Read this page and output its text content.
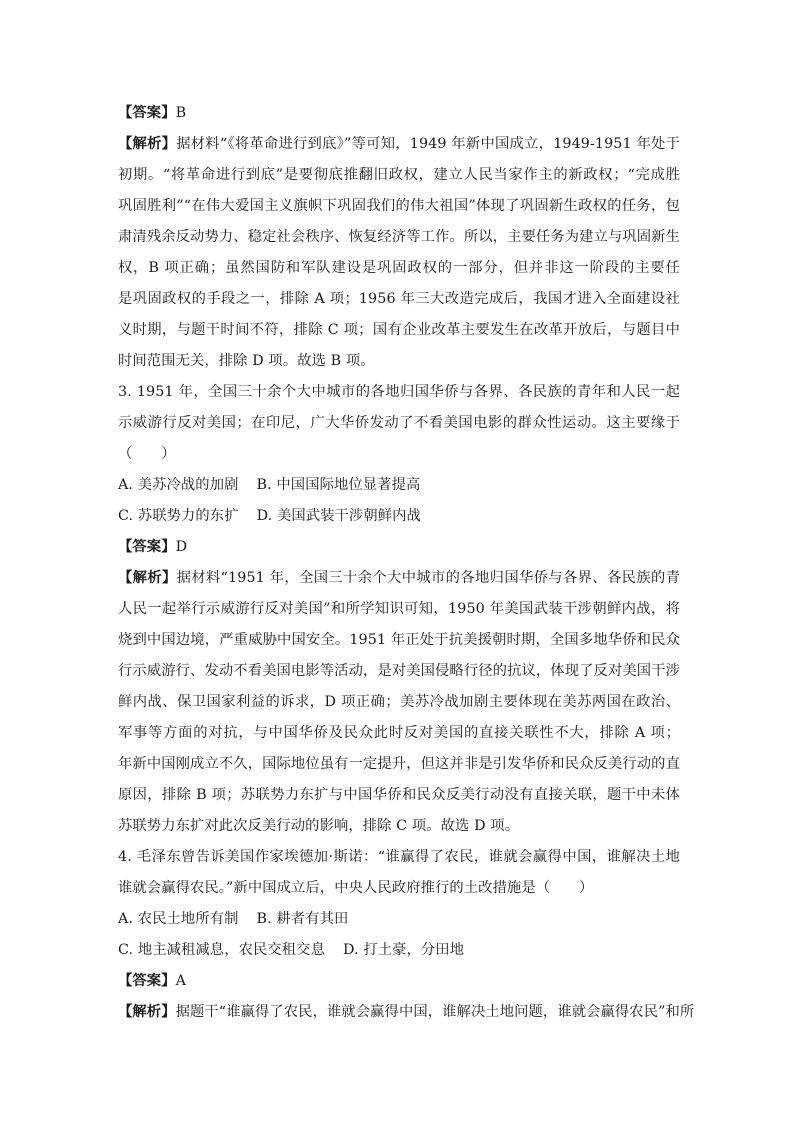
【答案】B
【解析】据材料“《将革命进行到底》”等可知，1949 年新中国成立，1949-1951 年处于
初期。“将革命进行到底”是要彻底推翻旧政权，建立人民当家作主的新政权；“完成胜
巩固胜利”“在伟大爱国主义旗帜下巩固我们的伟大祖国”体现了巩固新生政权的任务，包
肃清残余反动势力、稳定社会秩序、恢复经济等工作。所以，主要任务为建立与巩固新生
权，B 项正确；虽然国防和军队建设是巩固政权的一部分，但并非这一阶段的主要任
是巩固政权的手段之一，排除 A 项；1956 年三大改造完成后，我国才进入全面建设社
义时期，与题干时间不符，排除 C 项；国有企业改革主要发生在改革开放后，与题目中
时间范围无关，排除 D 项。故选 B 项。
3. 1951 年，全国三十余个大中城市的各地归国华侨与各界、各民族的青年和人民一起
示威游行反对美国；在印尼，广大华侨发动了不看美国电影的群众性运动。这主要缘于
（　　）
A. 美苏冷战的加剧 B. 中国国际地位显著提高
C. 苏联势力的东扩 D. 美国武装干涉朝鲜内战
【答案】D
【解析】据材料“1951 年，全国三十余个大中城市的各地归国华侨与各界、各民族的青
人民一起举行示威游行反对美国”和所学知识可知，1950 年美国武装干涉朝鲜内战，将
烧到中国边境，严重威胁中国安全。1951 年正处于抗美援朝时期，全国多地华侨和民众
行示威游行、发动不看美国电影等活动，是对美国侵略行径的抗议，体现了反对美国干涉
鲜内战、保卫国家利益的诉求，D 项正确；美苏冷战加剧主要体现在美苏两国在政治、
军事等方面的对抗，与中国华侨及民众此时反对美国的直接关联性不大，排除 A 项；
年新中国刚成立不久，国际地位虽有一定提升，但这并非是引发华侨和民众反美行动的直
原因，排除 B 项；苏联势力东扩与中国华侨和民众反美行动没有直接关联，题干中未体
苏联势力东扩对此次反美行动的影响，排除 C 项。故选 D 项。
4. 毛泽东曾告诉美国作家埃德加·斯诺：“谁赢得了农民，谁就会赢得中国，谁解决土地
谁就会赢得农民。”新中国成立后，中央人民政府推行的土改措施是（　　）
A. 农民土地所有制 B. 耕者有其田
C. 地主减租减息，农民交租交息 D. 打土豪，分田地
【答案】A
【解析】据题干“谁赢得了农民，谁就会赢得中国，谁解决土地问题，谁就会赢得农民”和所
